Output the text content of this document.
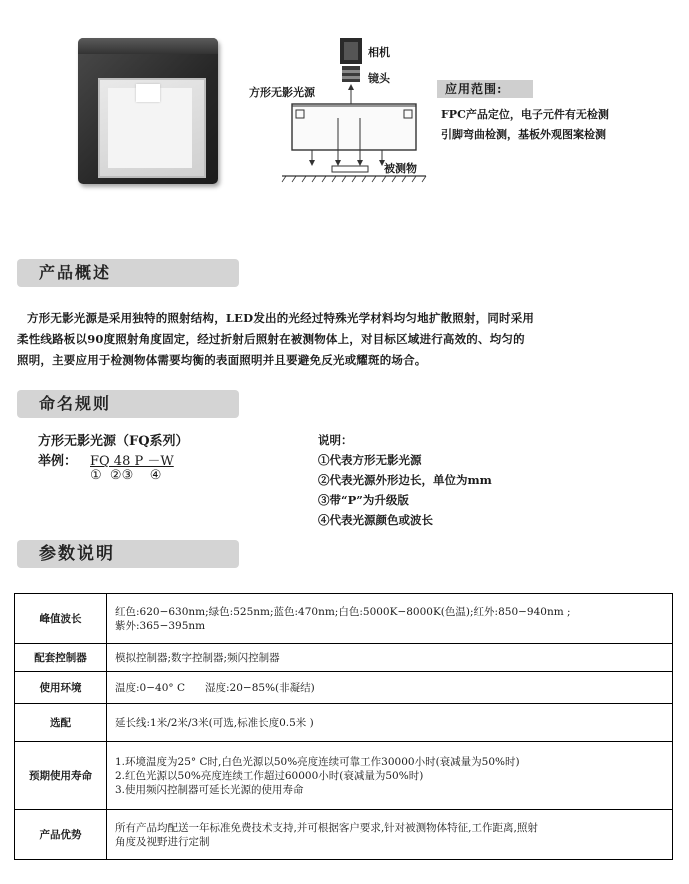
相机
镜头
方形无影光源
被测物
应用范围:
FPC产品定位，电子元件有无检测
引脚弯曲检测，基板外观图案检测
产品概述
方形无影光源是采用独特的照射结构，LED发出的光经过特殊光学材料均匀地扩散照射，同时采用
柔性线路板以90度照射角度固定，经过折射后照射在被测物体上，对目标区域进行高效的、均匀的
照明，主要应用于检测物体需要均衡的表面照明并且要避免反光或耀斑的场合。
命名规则
方形无影光源（FQ系列）
举例： FQ 48 P －W
①  ②③    ④
说明：
①代表方形无影光源
②代表光源外形边长，单位为mm
③带“P”为升级版
④代表光源颜色或波长
参数说明
峰值波长	红色:620−630nm;绿色:525nm;蓝色:470nm;白色:5000K−8000K(色温);红外:850−940nm ;
紫外:365−395nm
配套控制器	模拟控制器;数字控制器;频闪控制器
使用环境	温度:0−40° C      湿度:20−85%(非凝结)
选配	延长线:1米/2米/3米(可选,标准长度0.5米 )
预期使用寿命	1.环境温度为25° C时,白色光源以50%亮度连续可靠工作30000小时(衰减量为50%时)
2.红色光源以50%亮度连续工作超过60000小时(衰减量为50%时)
3.使用频闪控制器可延长光源的使用寿命
产品优势	所有产品均配送一年标准免费技术支持,并可根据客户要求,针对被测物体特征,工作距离,照射
角度及视野进行定制
